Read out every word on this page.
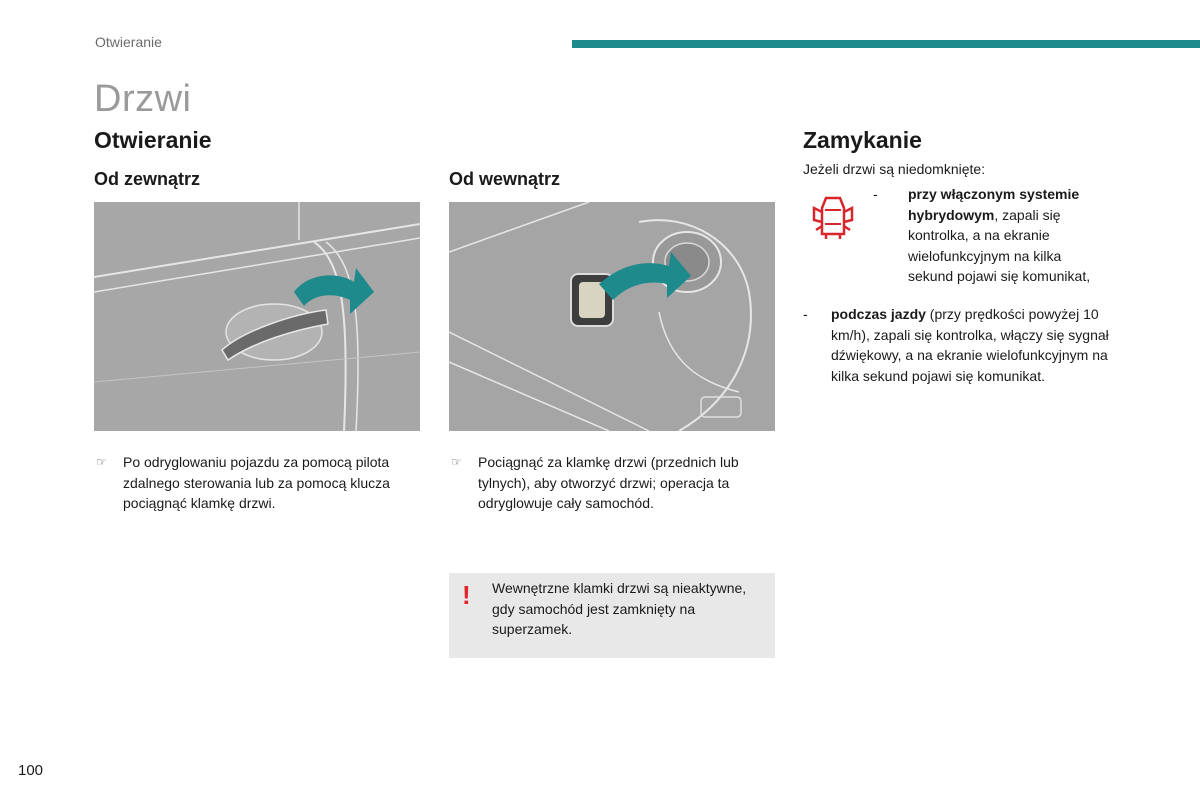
Otwieranie
Drzwi
Otwieranie
Od zewnątrz	Od wewnątrz
☞ Po odryglowaniu pojazdu za pomocą pilota zdalnego sterowania lub za pomocą klucza pociągnąć klamkę drzwi.
☞ Pociągnąć za klamkę drzwi (przednich lub tylnych), aby otworzyć drzwi; operacja ta odryglowuje cały samochód.
! Wewnętrzne klamki drzwi są nieaktywne, gdy samochód jest zamknięty na superzamek.
Zamykanie
Jeżeli drzwi są niedomknięte:
- przy włączonym systemie hybrydowym, zapali się kontrolka, a na ekranie wielofunkcyjnym na kilka sekund pojawi się komunikat,
- podczas jazdy (przy prędkości powyżej 10 km/h), zapali się kontrolka, włączy się sygnał dźwiękowy, a na ekranie wielofunkcyjnym na kilka sekund pojawi się komunikat.
100
